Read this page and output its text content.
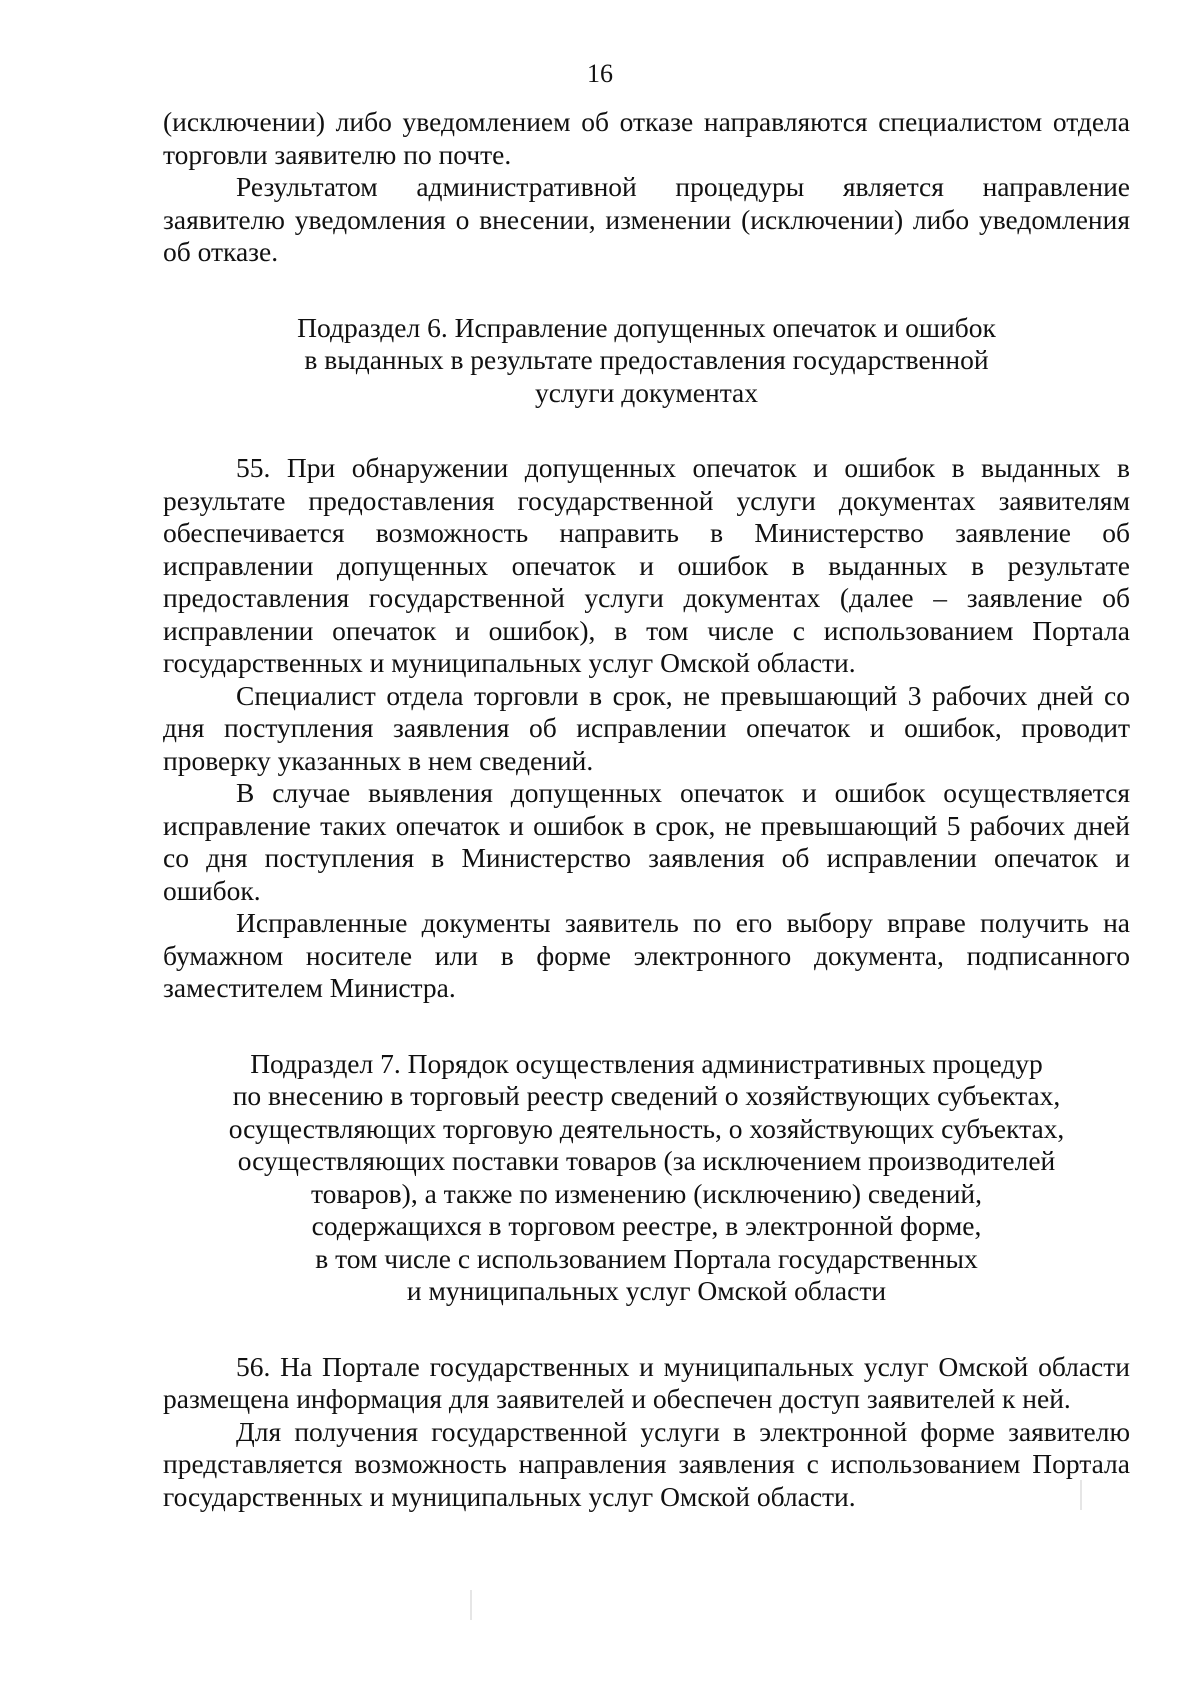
16

(исключении) либо уведомлением об отказе направляются специалистом отдела торговли заявителю по почте.

Результатом административной процедуры является направление заявителю уведомления о внесении, изменении (исключении) либо уведомления об отказе.

Подраздел 6. Исправление допущенных опечаток и ошибок
в выданных в результате предоставления государственной
услуги документах

55. При обнаружении допущенных опечаток и ошибок в выданных в результате предоставления государственной услуги документах заявителям обеспечивается возможность направить в Министерство заявление об исправлении допущенных опечаток и ошибок в выданных в результате предоставления государственной услуги документах (далее – заявление об исправлении опечаток и ошибок), в том числе с использованием Портала государственных и муниципальных услуг Омской области.

Специалист отдела торговли в срок, не превышающий 3 рабочих дней со дня поступления заявления об исправлении опечаток и ошибок, проводит проверку указанных в нем сведений.

В случае выявления допущенных опечаток и ошибок осуществляется исправление таких опечаток и ошибок в срок, не превышающий 5 рабочих дней со дня поступления в Министерство заявления об исправлении опечаток и ошибок.

Исправленные документы заявитель по его выбору вправе получить на бумажном носителе или в форме электронного документа, подписанного заместителем Министра.

Подраздел 7. Порядок осуществления административных процедур
по внесению в торговый реестр сведений о хозяйствующих субъектах,
осуществляющих торговую деятельность, о хозяйствующих субъектах,
осуществляющих поставки товаров (за исключением производителей
товаров), а также по изменению (исключению) сведений,
содержащихся в торговом реестре, в электронной форме,
в том числе с использованием Портала государственных
и муниципальных услуг Омской области

56. На Портале государственных и муниципальных услуг Омской области размещена информация для заявителей и обеспечен доступ заявителей к ней.

Для получения государственной услуги в электронной форме заявителю представляется возможность направления заявления с использованием Портала государственных и муниципальных услуг Омской области.
